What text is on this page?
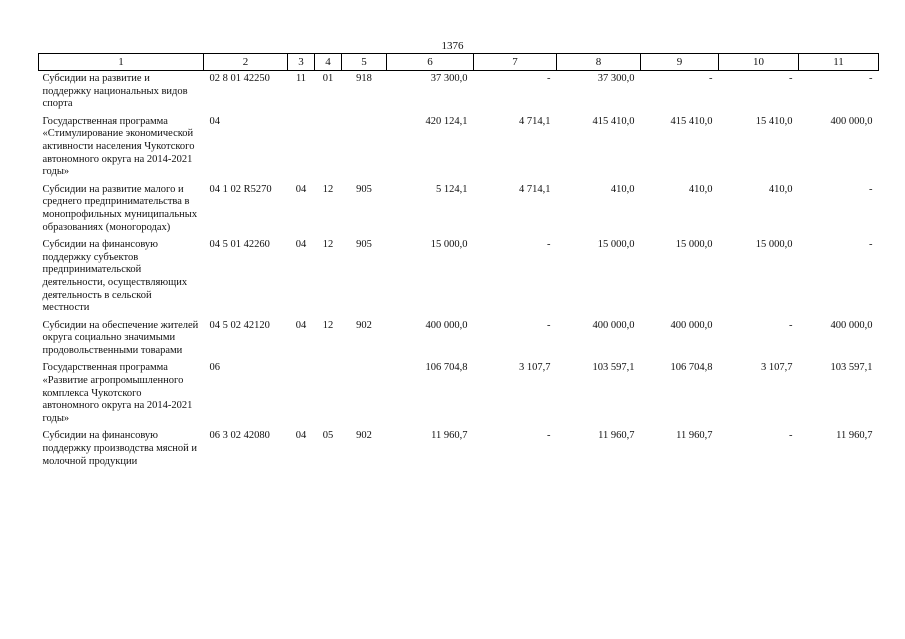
1376
1	2	3	4	5	6	7	8	9	10	11
Субсидии на развитие и поддержку национальных видов спорта	02 8 01 42250	11	01	918	37 300,0	-	37 300,0	-	-	-
Государственная программа «Стимулирование экономической активности населения Чукотского автономного округа на 2014-2021 годы»	04				420 124,1	4 714,1	415 410,0	415 410,0	15 410,0	400 000,0
Субсидии на развитие малого и среднего предпринимательства в монопрофильных муниципальных образованиях (моногородах)	04 1 02 R5270	04	12	905	5 124,1	4 714,1	410,0	410,0	410,0	-
Субсидии на финансовую поддержку субъектов предпринимательской деятельности, осуществляющих деятельность в сельской местности	04 5 01 42260	04	12	905	15 000,0	-	15 000,0	15 000,0	15 000,0	-
Субсидии на обеспечение жителей округа социально значимыми продовольственными товарами	04 5 02 42120	04	12	902	400 000,0	-	400 000,0	400 000,0	-	400 000,0
Государственная программа «Развитие агропромышленного комплекса Чукотского автономного округа на 2014-2021 годы»	06				106 704,8	3 107,7	103 597,1	106 704,8	3 107,7	103 597,1
Субсидии на финансовую поддержку производства мясной и молочной продукции	06 3 02 42080	04	05	902	11 960,7	-	11 960,7	11 960,7	-	11 960,7
